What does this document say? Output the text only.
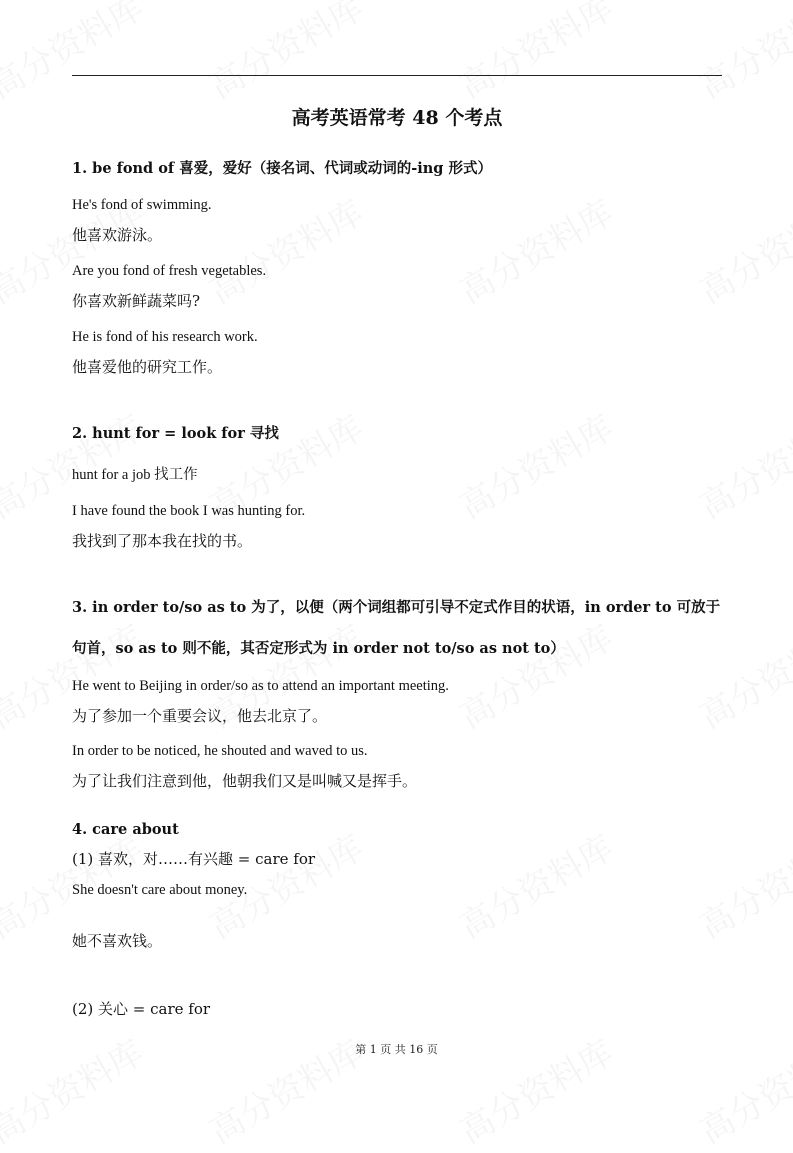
高考英语常考 48 个考点
1. be fond of 喜爱，爱好（接名词、代词或动词的-ing 形式）
He's fond of swimming.
他喜欢游泳。
Are you fond of fresh vegetables.
你喜欢新鲜蔬菜吗?
He is fond of his research work.
他喜爱他的研究工作。
2. hunt for = look for 寻找
hunt for a job 找工作
I have found the book I was hunting for.
我找到了那本我在找的书。
3. in order to/so as to 为了，以便（两个词组都可引导不定式作目的状语，in order to 可放于
句首，so as to 则不能，其否定形式为 in order not to/so as not to）
He went to Beijing in order/so as to attend an important meeting.
为了参加一个重要会议，他去北京了。
In order to be noticed, he shouted and waved to us.
为了让我们注意到他，他朝我们又是叫喊又是挥手。
4. care about
(1) 喜欢，对……有兴趣 = care for
She doesn't care about money.
她不喜欢钱。
(2) 关心 = care for
第 1 页 共 16 页
